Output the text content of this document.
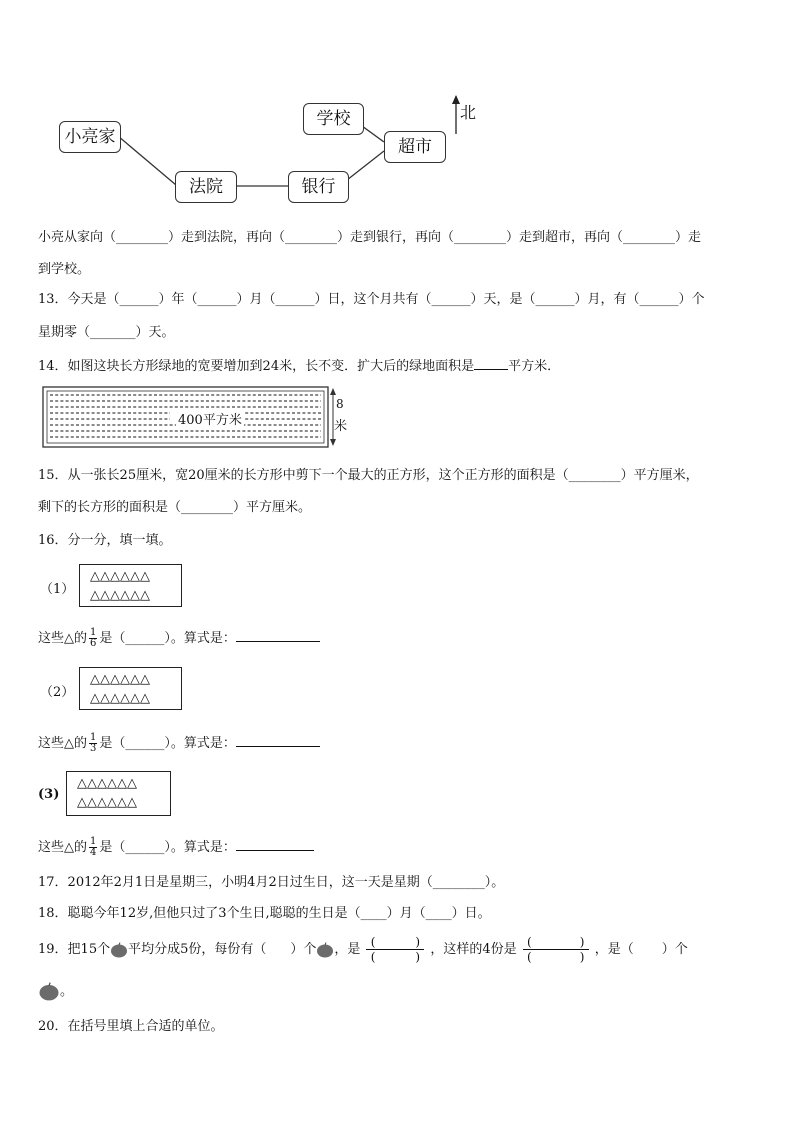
小亮家
法院	银行
超市
学校	北
小亮从家向（________）走到法院，再向（________）走到银行，再向（________）走到超市，再向（________）走
到学校。
13．今天是（______）年（______）月（______）日，这个月共有（______）天，是（______）月，有（______）个
星期零（_______）天。
14．如图这块长方形绿地的宽要增加到24米，长不变．扩大后的绿地面积是	平方米．
400平方米
8
米
15．从一张长25厘米，宽20厘米的长方形中剪下一个最大的正方形，这个正方形的面积是（________）平方厘米，
剩下的长方形的面积是（________）平方厘米。
16．分一分，填一填。
（1）
△△△△△△
△△△△△△
这些△的 $\frac{1}{6}$ 是（______）。算式是：
（2）
△△△△△△
△△△△△△
这些△的 $\frac{1}{3}$ 是（______）。算式是：
(3)
△△△△△△
△△△△△△
这些△的 $\frac{1}{4}$ 是（______）。算式是：
17．2012年2月1日是星期三，小明4月2日过生日，这一天是星期（________）。
18．聪聪今年12岁,但他只过了3个生日,聪聪的生日是（____）月（____）日。
19．把15个 平均分成5份，每份有（ ）个 ，是 (	)
(	) ，这样的4份是 (	)
(	) ，是（ ）个
。
20．在括号里填上合适的单位。
